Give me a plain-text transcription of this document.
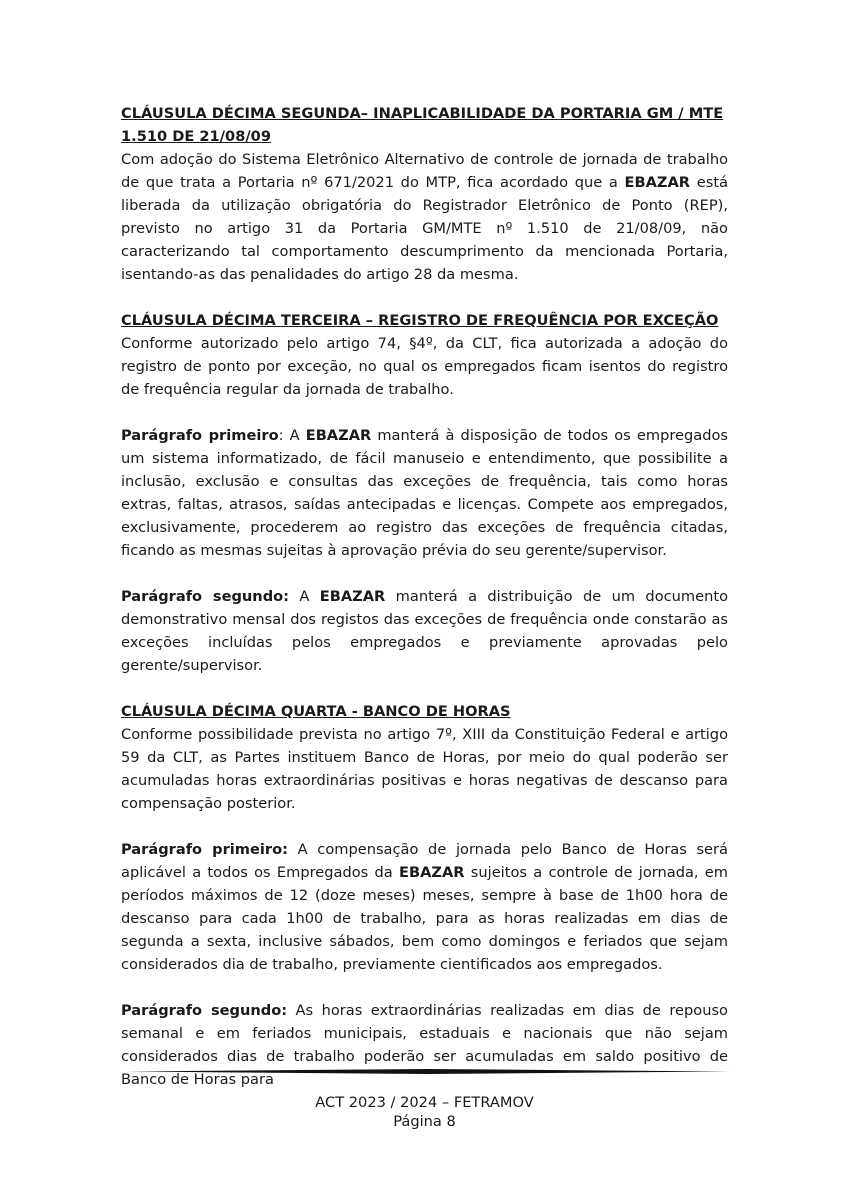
CLÁUSULA DÉCIMA SEGUNDA– INAPLICABILIDADE DA PORTARIA GM / MTE 1.510 DE 21/08/09

Com adoção do Sistema Eletrônico Alternativo de controle de jornada de trabalho de que trata a Portaria nº 671/2021 do MTP, fica acordado que a EBAZAR está liberada da utilização obrigatória do Registrador Eletrônico de Ponto (REP), previsto no artigo 31 da Portaria GM/MTE nº 1.510 de 21/08/09, não caracterizando tal comportamento descumprimento da mencionada Portaria, isentando-as das penalidades do artigo 28 da mesma.

CLÁUSULA DÉCIMA TERCEIRA – REGISTRO DE FREQUÊNCIA POR EXCEÇÃO

Conforme autorizado pelo artigo 74, §4º, da CLT, fica autorizada a adoção do registro de ponto por exceção, no qual os empregados ficam isentos do registro de frequência regular da jornada de trabalho.

Parágrafo primeiro: A EBAZAR manterá à disposição de todos os empregados um sistema informatizado, de fácil manuseio e entendimento, que possibilite a inclusão, exclusão e consultas das exceções de frequência, tais como horas extras, faltas, atrasos, saídas antecipadas e licenças. Compete aos empregados, exclusivamente, procederem ao registro das exceções de frequência citadas, ficando as mesmas sujeitas à aprovação prévia do seu gerente/supervisor.

Parágrafo segundo: A EBAZAR manterá a distribuição de um documento demonstrativo mensal dos registos das exceções de frequência onde constarão as exceções incluídas pelos empregados e previamente aprovadas pelo gerente/supervisor.

CLÁUSULA DÉCIMA QUARTA - BANCO DE HORAS

Conforme possibilidade prevista no artigo 7º, XIII da Constituição Federal e artigo 59 da CLT, as Partes instituem Banco de Horas, por meio do qual poderão ser acumuladas horas extraordinárias positivas e horas negativas de descanso para compensação posterior.

Parágrafo primeiro: A compensação de jornada pelo Banco de Horas será aplicável a todos os Empregados da EBAZAR sujeitos a controle de jornada, em períodos máximos de 12 (doze meses) meses, sempre à base de 1h00 hora de descanso para cada 1h00 de trabalho, para as horas realizadas em dias de segunda a sexta, inclusive sábados, bem como domingos e feriados que sejam considerados dia de trabalho, previamente cientificados aos empregados.

Parágrafo segundo: As horas extraordinárias realizadas em dias de repouso semanal e em feriados municipais, estaduais e nacionais que não sejam considerados dias de trabalho poderão ser acumuladas em saldo positivo de Banco de Horas para

ACT 2023 / 2024 – FETRAMOV
Página 8
